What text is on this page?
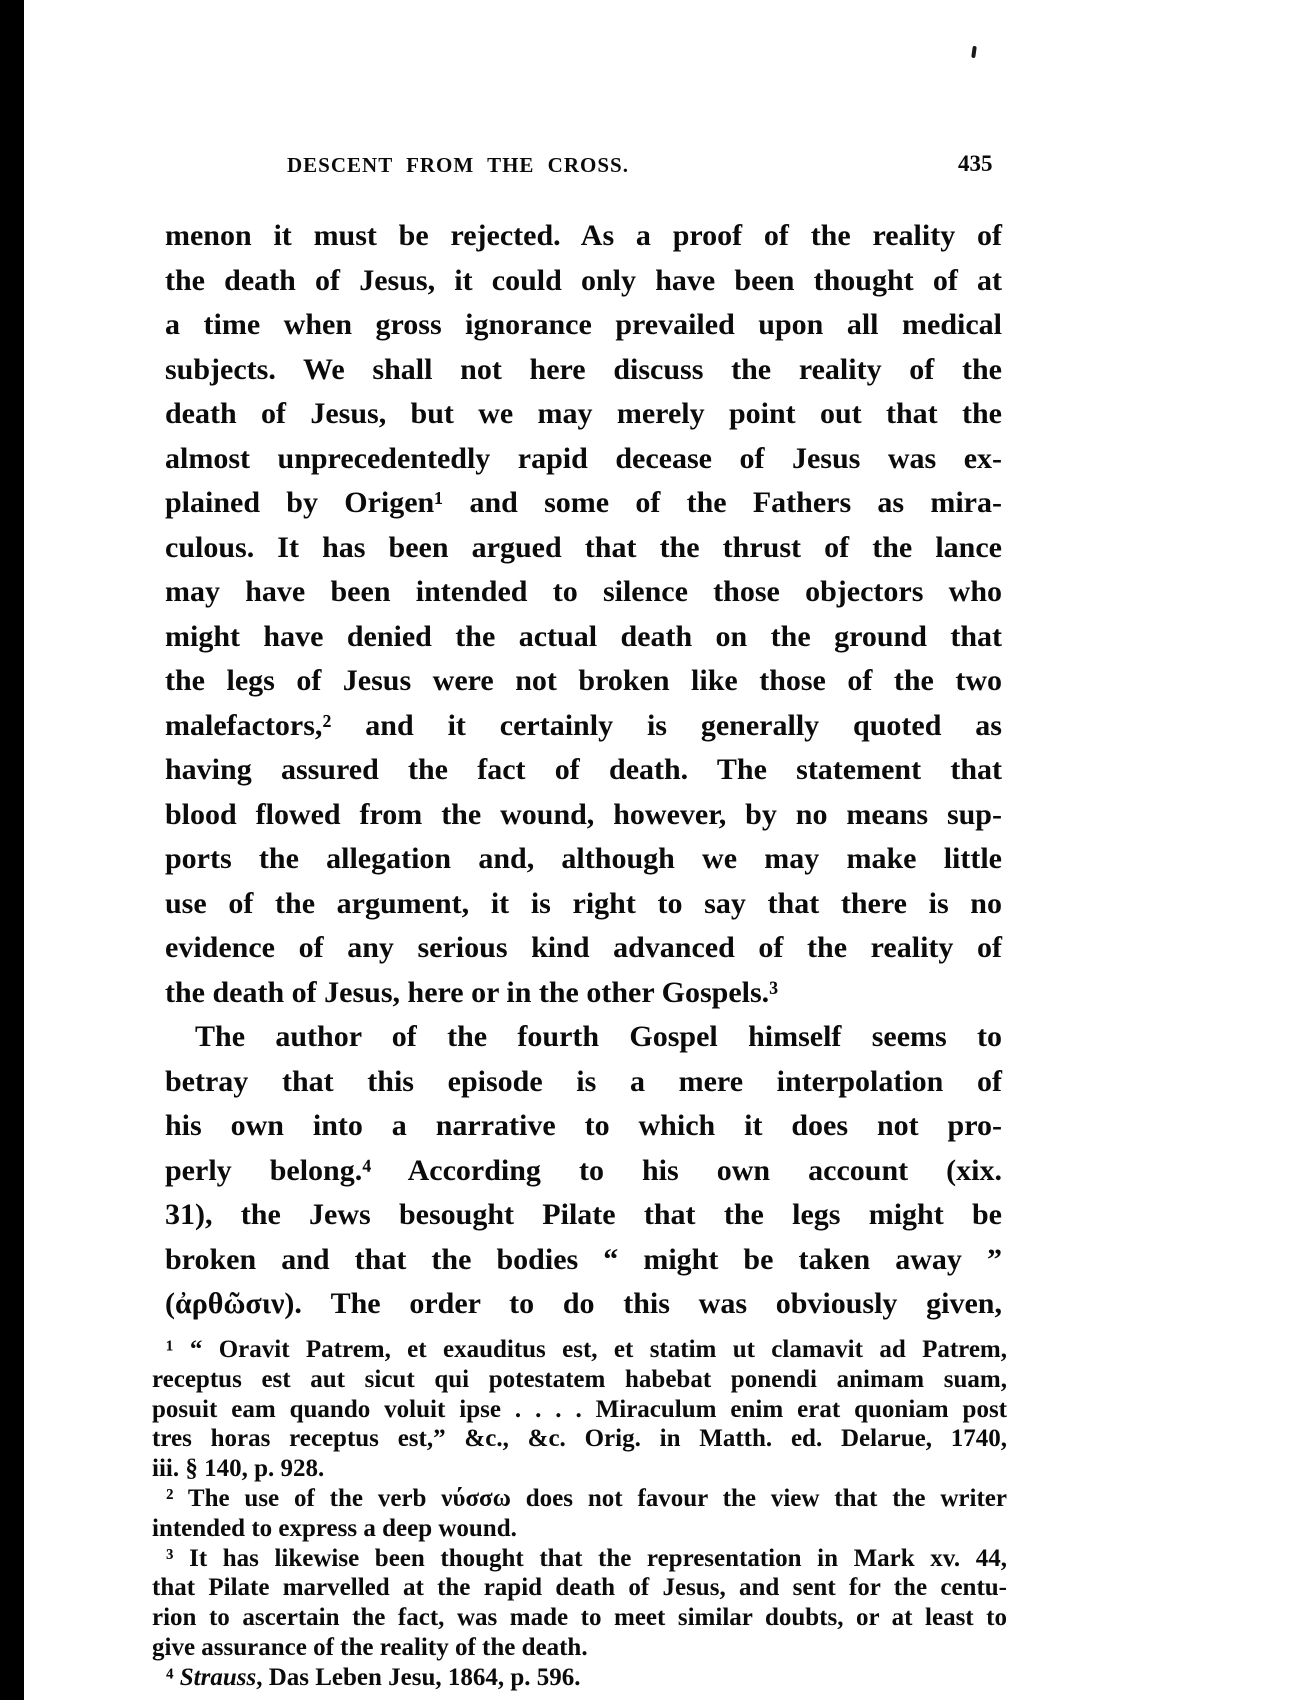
DESCENT FROM THE CROSS.	435
menon it must be rejected. As a proof of the reality of
the death of Jesus, it could only have been thought of at
a time when gross ignorance prevailed upon all medical
subjects. We shall not here discuss the reality of the
death of Jesus, but we may merely point out that the
almost unprecedentedly rapid decease of Jesus was ex-
plained by Origen¹ and some of the Fathers as mira-
culous. It has been argued that the thrust of the lance
may have been intended to silence those objectors who
might have denied the actual death on the ground that
the legs of Jesus were not broken like those of the two
malefactors,² and it certainly is generally quoted as
having assured the fact of death. The statement that
blood flowed from the wound, however, by no means sup-
ports the allegation and, although we may make little
use of the argument, it is right to say that there is no
evidence of any serious kind advanced of the reality of
the death of Jesus, here or in the other Gospels.³
The author of the fourth Gospel himself seems to
betray that this episode is a mere interpolation of
his own into a narrative to which it does not pro-
perly belong.⁴ According to his own account (xix.
31), the Jews besought Pilate that the legs might be
broken and that the bodies “ might be taken away ”
(ἀρθῶσιν). The order to do this was obviously given,
¹ “ Oravit Patrem, et exauditus est, et statim ut clamavit ad Patrem,
receptus est aut sicut qui potestatem habebat ponendi animam suam,
posuit eam quando voluit ipse . . . . Miraculum enim erat quoniam post
tres horas receptus est,” &c., &c. Orig. in Matth. ed. Delarue, 1740,
iii. § 140, p. 928.
² The use of the verb νύσσω does not favour the view that the writer
intended to express a deep wound.
³ It has likewise been thought that the representation in Mark xv. 44,
that Pilate marvelled at the rapid death of Jesus, and sent for the centu-
rion to ascertain the fact, was made to meet similar doubts, or at least to
give assurance of the reality of the death.
⁴ Strauss, Das Leben Jesu, 1864, p. 596.
